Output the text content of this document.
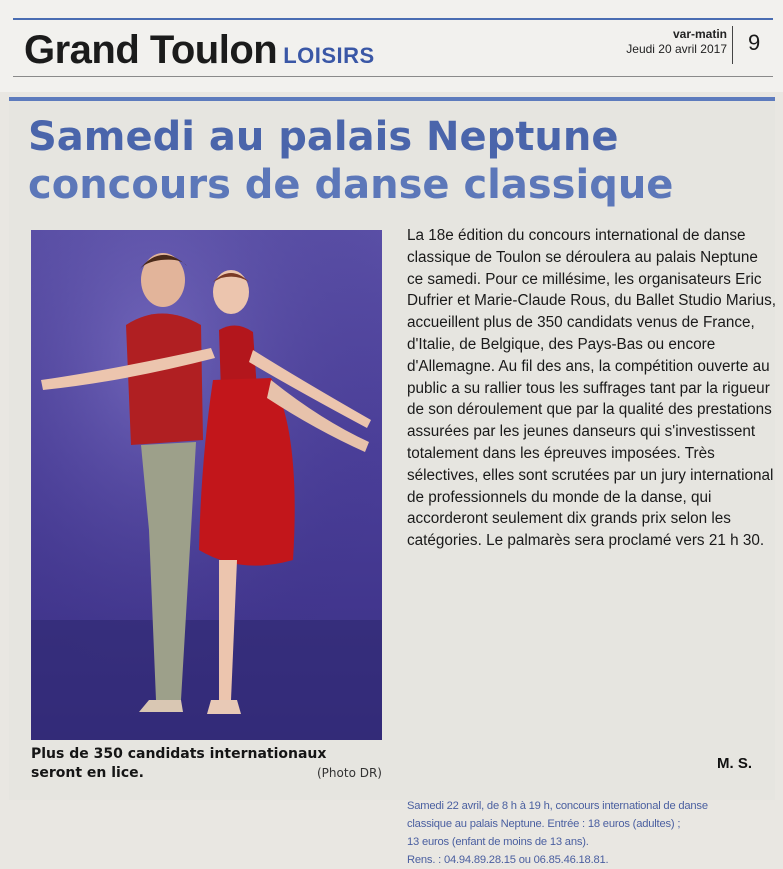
Grand Toulon LOISIRS
var-matin
Jeudi 20 avril 2017 9
Samedi au palais Neptune
concours de danse classique
Plus de 350 candidats internationaux seront en lice.	(Photo DR)

La 18e édition du concours international de danse classique de Toulon se déroulera au palais Neptune ce samedi. Pour ce millésime, les organisateurs Eric Dufrier et Marie-Claude Rous, du Ballet Studio Marius, accueillent plus de 350 candidats venus de France, d'Italie, de Belgique, des Pays-Bas ou encore d'Allemagne. Au fil des ans, la compétition ouverte au public a su rallier tous les suffrages tant par la rigueur de son déroulement que par la qualité des prestations assurées par les jeunes danseurs qui s'investissent totalement dans les épreuves imposées. Très sélectives, elles sont scrutées par un jury international de professionnels du monde de la danse, qui accorderont seulement dix grands prix selon les catégories. Le palmarès sera proclamé vers 21 h 30.

M. S.
Samedi 22 avril, de 8 h à 19 h, concours international de danse
classique au palais Neptune. Entrée : 18 euros (adultes) ;
13 euros (enfant de moins de 13 ans).
Rens. : 04.94.89.28.15 ou 06.85.46.18.81.
